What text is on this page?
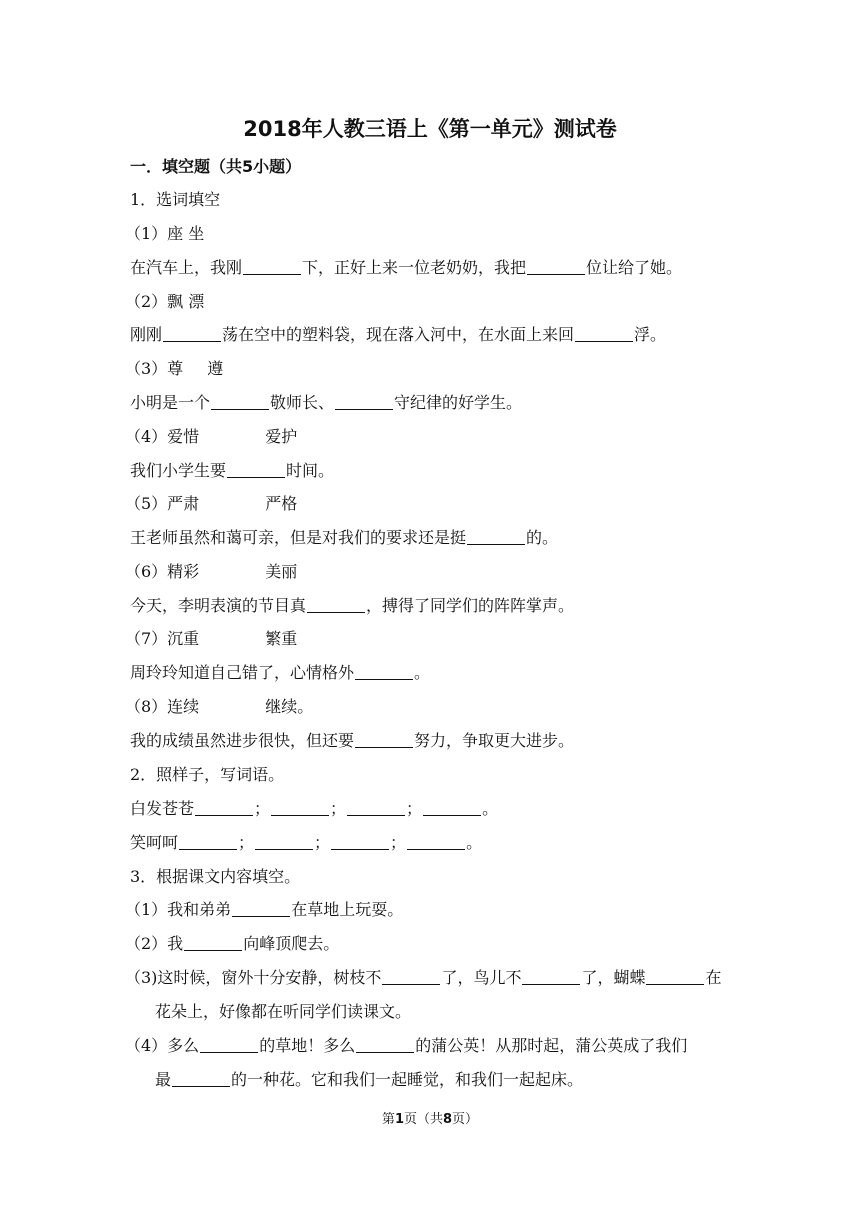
2018年人教三语上《第一单元》测试卷
一．填空题（共5小题）
1．选词填空
（1）座 坐
在汽车上，我刚	下，正好上来一位老奶奶，我把	位让给了她。
（2）飘 漂
刚刚	荡在空中的塑料袋，现在落入河中，在水面上来回	浮。
（3）尊 遵
小明是一个	敬师长、	守纪律的好学生。
（4）爱惜	爱护
我们小学生要	时间。
（5）严肃	严格
王老师虽然和蔼可亲，但是对我们的要求还是挺	的。
（6）精彩	美丽
今天，李明表演的节目真	，搏得了同学们的阵阵掌声。
（7）沉重	繁重
周玲玲知道自己错了，心情格外	。
（8）连续	继续。
我的成绩虽然进步很快，但还要	努力，争取更大进步。
2．照样子，写词语。
白发苍苍	；	；	；	。
笑呵呵	；	；	；	。
3．根据课文内容填空。
（1）我和弟弟	在草地上玩耍。
（2）我	向峰顶爬去。
（3)这时候，窗外十分安静，树枝不	了，鸟儿不	了，蝴蝶	在
花朵上，好像都在听同学们读课文。
（4）多么	的草地！多么	的蒲公英！从那时起，蒲公英成了我们
最	的一种花。它和我们一起睡觉，和我们一起起床。
第1页（共8页）
